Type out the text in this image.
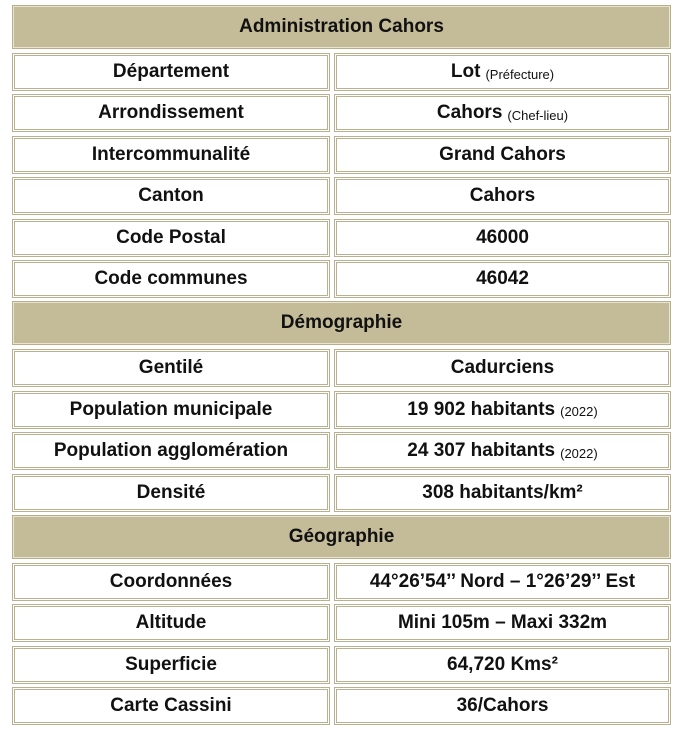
Administration Cahors
Département	Lot (Préfecture)
Arrondissement	Cahors (Chef-lieu)
Intercommunalité	Grand Cahors
Canton	Cahors
Code Postal	46000
Code communes	46042
Démographie
Gentilé	Cadurciens
Population municipale	19 902 habitants (2022)
Population agglomération	24 307 habitants (2022)
Densité	308 habitants/km²
Géographie
Coordonnées	44°26’54’’ Nord – 1°26’29’’ Est
Altitude	Mini 105m – Maxi 332m
Superficie	64,720 Kms²
Carte Cassini	36/Cahors
